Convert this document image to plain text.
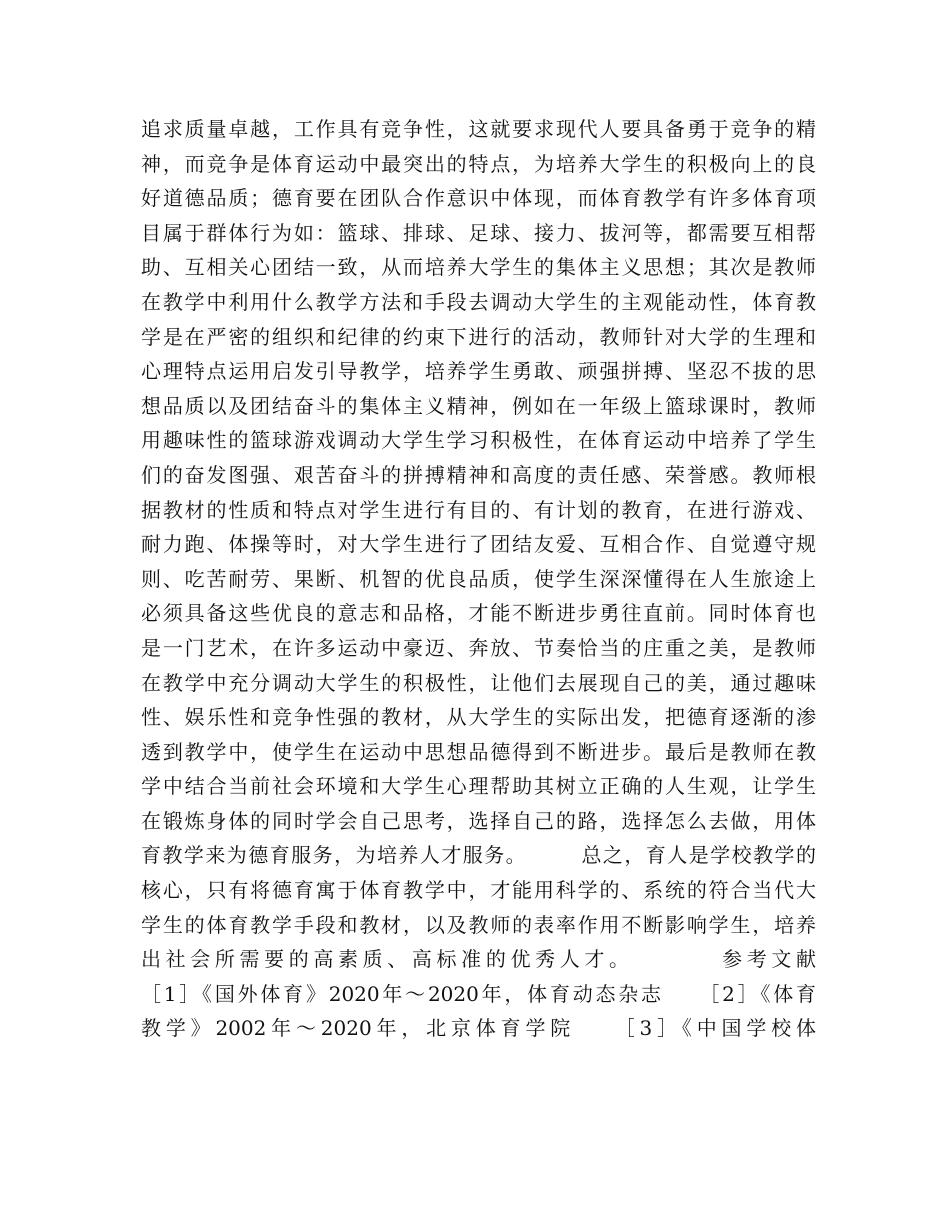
追求质量卓越，工作具有竞争性，这就要求现代人要具备勇于竞争的精
神，而竞争是体育运动中最突出的特点，为培养大学生的积极向上的良
好道德品质；德育要在团队合作意识中体现，而体育教学有许多体育项
目属于群体行为如：篮球、排球、足球、接力、拔河等，都需要互相帮
助、互相关心团结一致，从而培养大学生的集体主义思想；其次是教师
在教学中利用什么教学方法和手段去调动大学生的主观能动性，体育教
学是在严密的组织和纪律的约束下进行的活动，教师针对大学的生理和
心理特点运用启发引导教学，培养学生勇敢、顽强拼搏、坚忍不拔的思
想品质以及团结奋斗的集体主义精神，例如在一年级上篮球课时，教师
用趣味性的篮球游戏调动大学生学习积极性，在体育运动中培养了学生
们的奋发图强、艰苦奋斗的拼搏精神和高度的责任感、荣誉感。教师根
据教材的性质和特点对学生进行有目的、有计划的教育，在进行游戏、
耐力跑、体操等时，对大学生进行了团结友爱、互相合作、自觉遵守规
则、吃苦耐劳、果断、机智的优良品质，使学生深深懂得在人生旅途上
必须具备这些优良的意志和品格，才能不断进步勇往直前。同时体育也
是一门艺术，在许多运动中豪迈、奔放、节奏恰当的庄重之美，是教师
在教学中充分调动大学生的积极性，让他们去展现自己的美，通过趣味
性、娱乐性和竞争性强的教材，从大学生的实际出发，把德育逐渐的渗
透到教学中，使学生在运动中思想品德得到不断进步。最后是教师在教
学中结合当前社会环境和大学生心理帮助其树立正确的人生观，让学生
在锻炼身体的同时学会自己思考，选择自己的路，选择怎么去做，用体
育教学来为德育服务，为培养人才服务。　　　总之，育人是学校教学的
核心，只有将德育寓于体育教学中，才能用科学的、系统的符合当代大
学生的体育教学手段和教材，以及教师的表率作用不断影响学生，培养
出社会所需要的高素质、高标准的优秀人才。　　　　参考文献
［1］《国外体育》2020年～2020年，体育动态杂志　　［2］《体育
教学》2002年～2020年，北京体育学院　　［3］《中国学校体
